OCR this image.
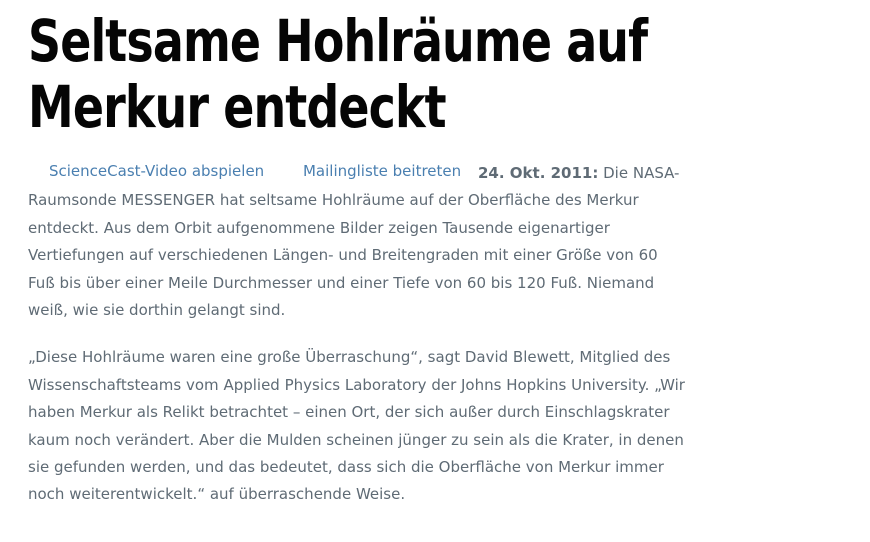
Seltsame Hohlräume auf Merkur entdeckt
ScienceCast-Video abspielen	Mailingliste beitreten	24. Okt. 2011: Die NASA-Raumsonde MESSENGER hat seltsame Hohlräume auf der Oberfläche des Merkur entdeckt. Aus dem Orbit aufgenommene Bilder zeigen Tausende eigenartiger Vertiefungen auf verschiedenen Längen- und Breitengraden mit einer Größe von 60 Fuß bis über einer Meile Durchmesser und einer Tiefe von 60 bis 120 Fuß. Niemand weiß, wie sie dorthin gelangt sind.

„Diese Hohlräume waren eine große Überraschung“, sagt David Blewett, Mitglied des Wissenschaftsteams vom Applied Physics Laboratory der Johns Hopkins University. „Wir haben Merkur als Relikt betrachtet – einen Ort, der sich außer durch Einschlagskrater kaum noch verändert. Aber die Mulden scheinen jünger zu sein als die Krater, in denen sie gefunden werden, und das bedeutet, dass sich die Oberfläche von Merkur immer noch weiterentwickelt.“ auf überraschende Weise.
